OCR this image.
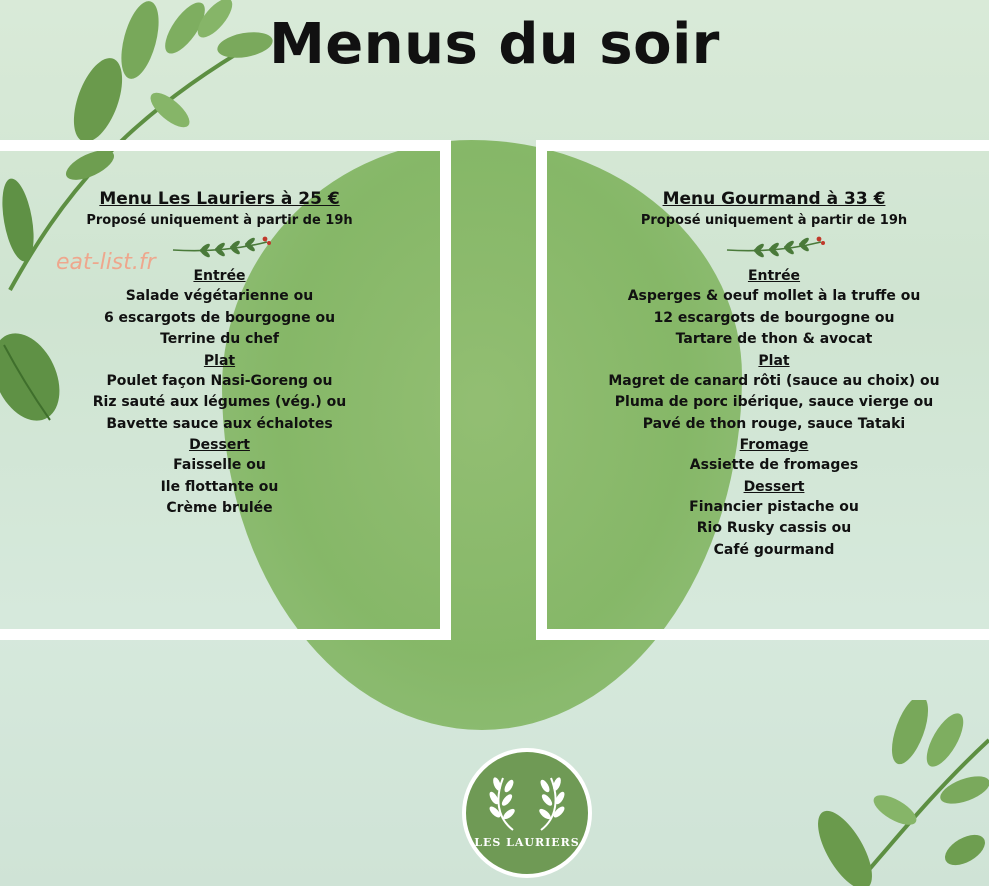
Menus du soir

Menu Les Lauriers à 25 €

Proposé uniquement à partir de 19h

Entrée

Salade végétarienne ou

6 escargots de bourgogne ou

Terrine du chef

Plat

Poulet façon Nasi-Goreng ou

Riz sauté aux légumes (vég.) ou

Bavette sauce aux échalotes

Dessert

Faisselle ou

Ile flottante ou

Crème brulée

Menu Gourmand à 33 €

Proposé uniquement à partir de 19h

Entrée

Asperges & oeuf mollet à la truffe ou

12 escargots de bourgogne ou

Tartare de thon & avocat

Plat

Magret de canard rôti (sauce au choix) ou

Pluma de porc ibérique, sauce vierge ou

Pavé de thon rouge, sauce Tataki

Fromage

Assiette de fromages

Dessert

Financier pistache ou

Rio Rusky cassis ou

Café gourmand

eat-list.fr
LES LAURIERS
